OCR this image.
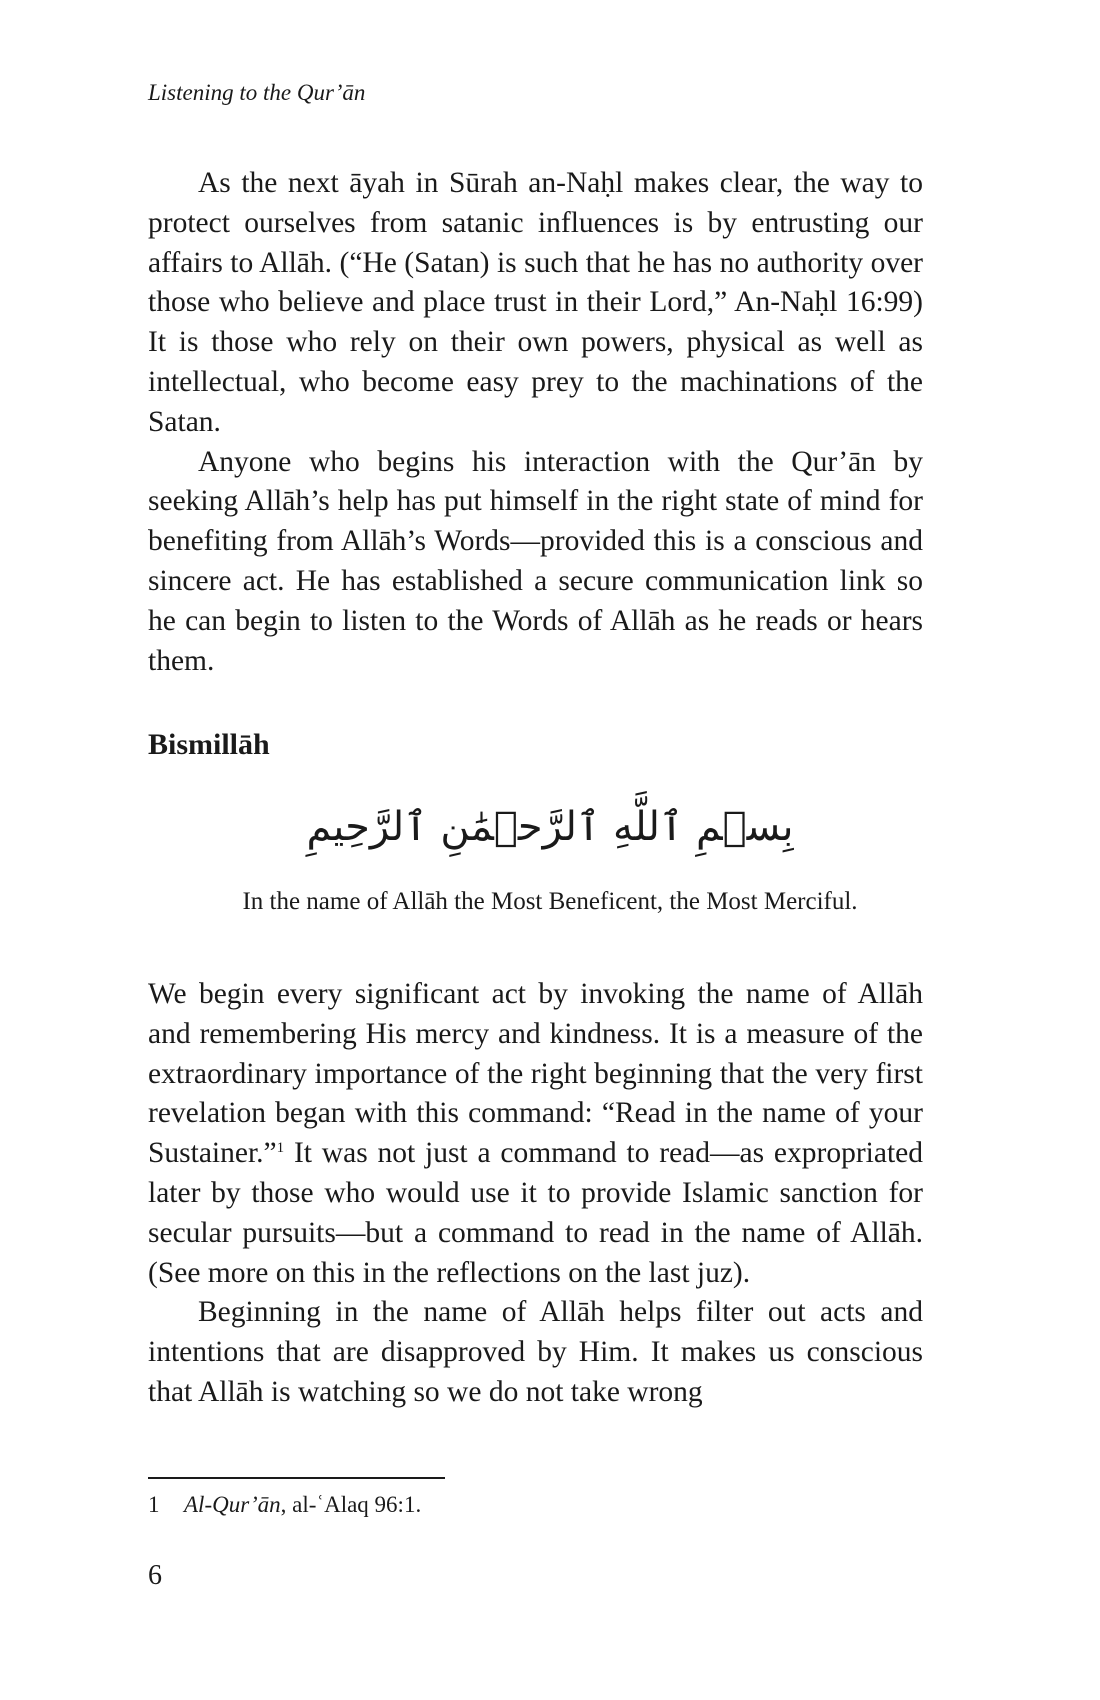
Listening to the Qur’ān

As the next āyah in Sūrah an-Naḥl makes clear, the way to protect ourselves from satanic influences is by entrusting our affairs to Allāh. (“He (Satan) is such that he has no authority over those who believe and place trust in their Lord,” An-Naḥl 16:99) It is those who rely on their own powers, physical as well as intellectual, who become easy prey to the machinations of the Satan.

Anyone who begins his interaction with the Qur’ān by seeking Allāh’s help has put himself in the right state of mind for benefiting from Allāh’s Words—provided this is a conscious and sincere act. He has established a secure communication link so he can begin to listen to the Words of Allāh as he reads or hears them.

Bismillāh
بِسۡمِ ٱللَّهِ ٱلرَّحۡمَٰنِ ٱلرَّحِيمِ

In the name of Allāh the Most Beneficent, the Most Merciful.

We begin every significant act by invoking the name of Allāh and remembering His mercy and kindness. It is a measure of the extraordinary importance of the right beginning that the very first revelation began with this command: “Read in the name of your Sustainer.”$^1$ It was not just a command to read—as expropriated later by those who would use it to provide Islamic sanction for secular pursuits—but a command to read in the name of Allāh. (See more on this in the reflections on the last juz).

Beginning in the name of Allāh helps filter out acts and intentions that are disapproved by Him. It makes us conscious that Allāh is watching so we do not take wrong

1 Al-Qur’ān, al-ʿAlaq 96:1.

6
